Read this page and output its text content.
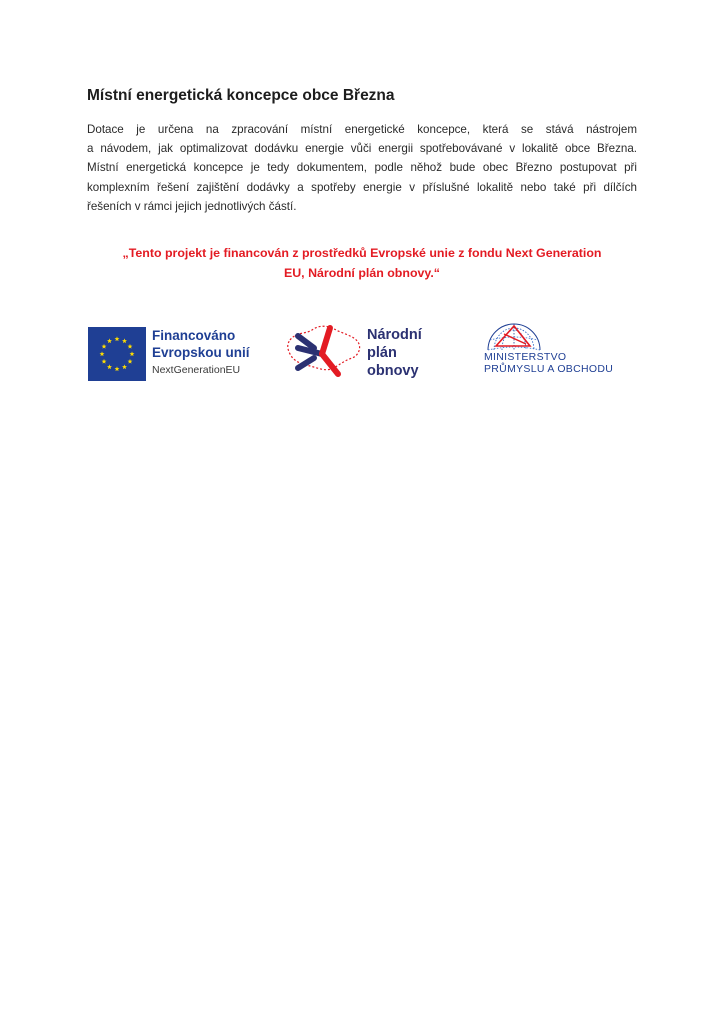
Místní energetická koncepce obce Března

Dotace je určena na zpracování místní energetické koncepce, která se stává nástrojem

a návodem, jak optimalizovat dodávku energie vůči energii spotřebovávané v lokalitě obce Března.

Místní energetická koncepce je tedy dokumentem, podle něhož bude obec Březno postupovat při

komplexním řešení zajištění dodávky a spotřeby energie v příslušné lokalitě nebo také při dílčích

řešeních v rámci jejich jednotlivých částí.

„Tento projekt je financován z prostředků Evropské unie z fondu Next Generation
EU, Národní plán obnovy.“
Financováno
Evropskou unií
NextGenerationEU
Národní
plán
obnovy
MINISTERSTVO
PRŮMYSLU A OBCHODU
